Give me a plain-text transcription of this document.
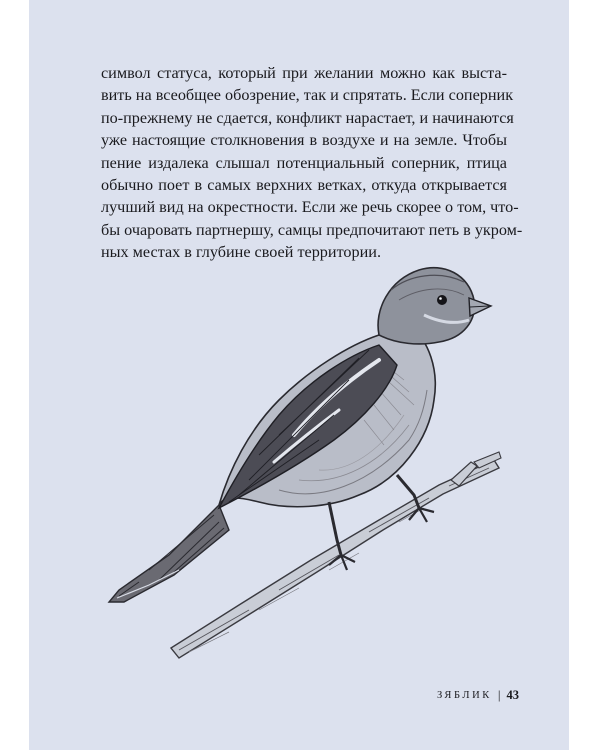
символ статуса, который при желании можно как выста-
вить на всеобщее обозрение, так и спрятать. Если соперник
по-прежнему не сдается, конфликт нарастает, и начинаются
уже настоящие столкновения в воздухе и на земле. Чтобы
пение издалека слышал потенциальный соперник, птица
обычно поет в самых верхних ветках, откуда открывается
лучший вид на окрестности. Если же речь скорее о том, что-
бы очаровать партнершу, самцы предпочитают петь в укром-
ных местах в глубине своей территории.

ЗЯБЛИК | 43
